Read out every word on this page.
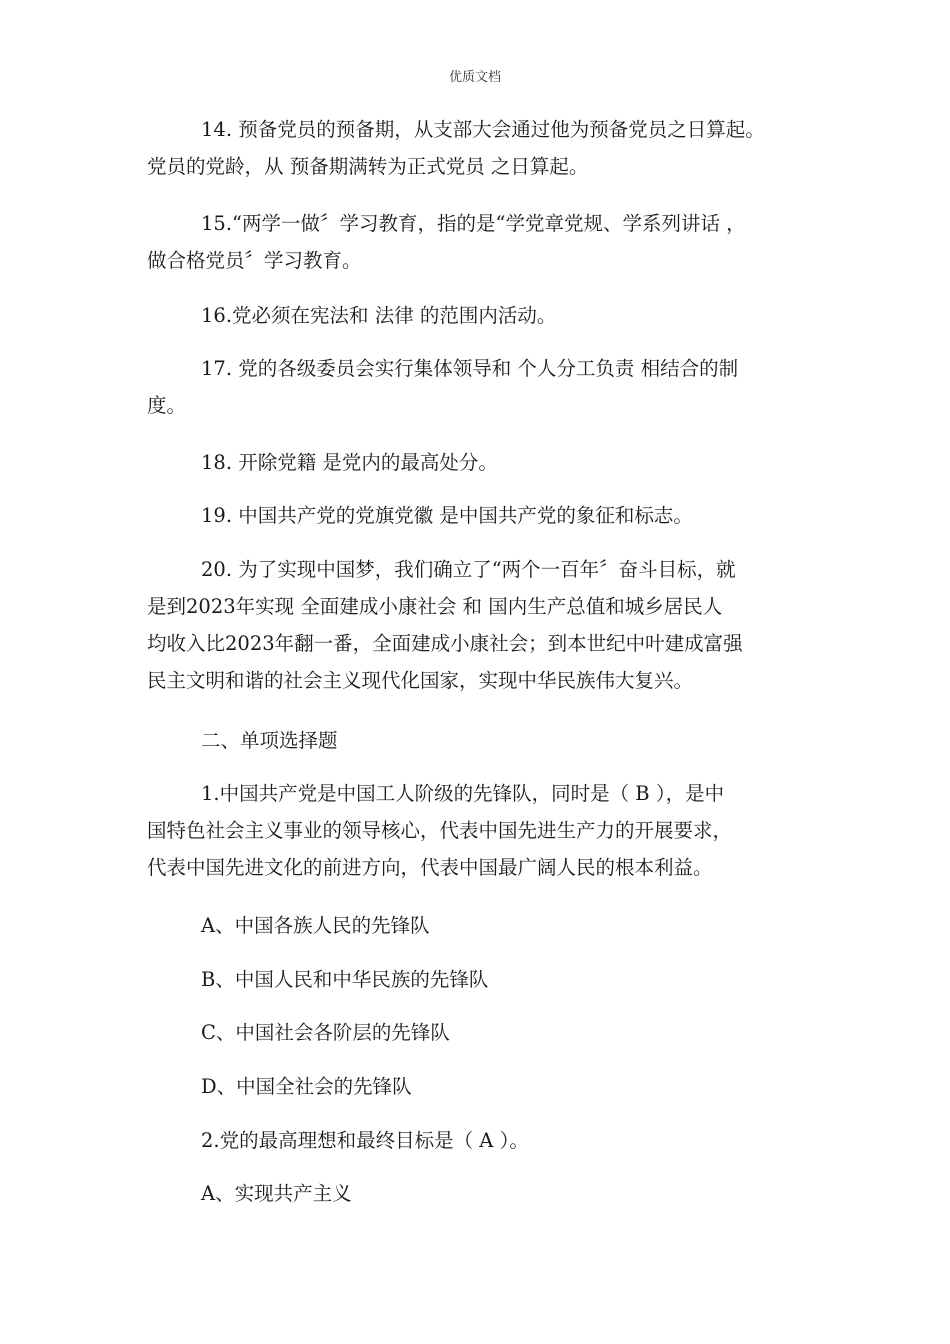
优质文档
14. 预备党员的预备期，从支部大会通过他为预备党员之日算起。
党员的党龄，从 预备期满转为正式党员 之日算起。
15.“两学一做〞学习教育，指的是“学党章党规、学系列讲话 ，
做合格党员〞学习教育。
16.党必须在宪法和 法律 的范围内活动。
17. 党的各级委员会实行集体领导和 个人分工负责 相结合的制
度。
18. 开除党籍 是党内的最高处分。
19. 中国共产党的党旗党徽 是中国共产党的象征和标志。
20. 为了实现中国梦，我们确立了“两个一百年〞奋斗目标，就
是到2023年实现 全面建成小康社会 和 国内生产总值和城乡居民人
均收入比2023年翻一番，全面建成小康社会；到本世纪中叶建成富强
民主文明和谐的社会主义现代化国家，实现中华民族伟大复兴。
二、单项选择题
1.中国共产党是中国工人阶级的先锋队，同时是（ B ），是中
国特色社会主义事业的领导核心，代表中国先进生产力的开展要求，
代表中国先进文化的前进方向，代表中国最广阔人民的根本利益。
A、中国各族人民的先锋队
B、中国人民和中华民族的先锋队
C、中国社会各阶层的先锋队
D、中国全社会的先锋队
2.党的最高理想和最终目标是（ A ）。
A、实现共产主义
